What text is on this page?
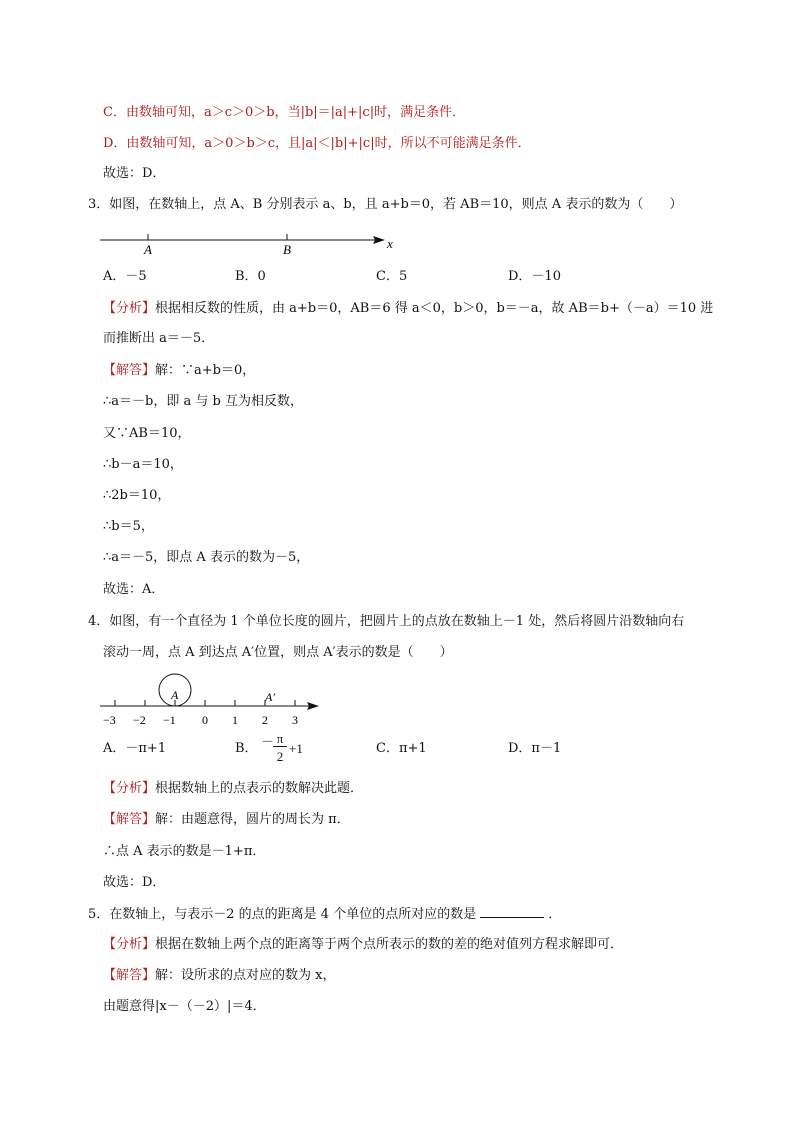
C．由数轴可知，a＞c＞0＞b，当|b|＝|a|+|c|时，满足条件．
D．由数轴可知，a＞0＞b＞c，且|a|＜|b|+|c|时，所以不可能满足条件．
故选：D．
3．如图，在数轴上，点 A、B 分别表示 a、b，且 a+b＝0，若 AB＝10，则点 A 表示的数为（　　）
A	B	x
A．－5	B．0	C．5	D．－10
【分析】根据相反数的性质，由 a+b＝0，AB＝6 得 a＜0，b＞0，b＝－a，故 AB＝b+（－a）＝10 进
而推断出 a＝－5．
【解答】解：∵a+b＝0，
∴a＝－b，即 a 与 b 互为相反数，
又∵AB＝10，
∴b－a＝10，
∴2b＝10，
∴b＝5，
∴a＝－5，即点 A 表示的数为－5，
故选：A．
4．如图，有一个直径为 1 个单位长度的圆片，把圆片上的点放在数轴上－1 处，然后将圆片沿数轴向右
滚动一周，点 A 到达点 A′位置，则点 A′表示的数是（　　）
A	A′
−3 −2 −1 0 1 2 3
A．－π+1	B． － π
2
+1	C．π+1	D．π－1
【分析】根据数轴上的点表示的数解决此题．
【解答】解：由题意得，圆片的周长为 π．
∴点 A 表示的数是－1+π．
故选：D．
5．在数轴上，与表示－2 的点的距离是 4 个单位的点所对应的数是	．
【分析】根据在数轴上两个点的距离等于两个点所表示的数的差的绝对值列方程求解即可．
【解答】解：设所求的点对应的数为 x，
由题意得|x－（－2）|＝4．
